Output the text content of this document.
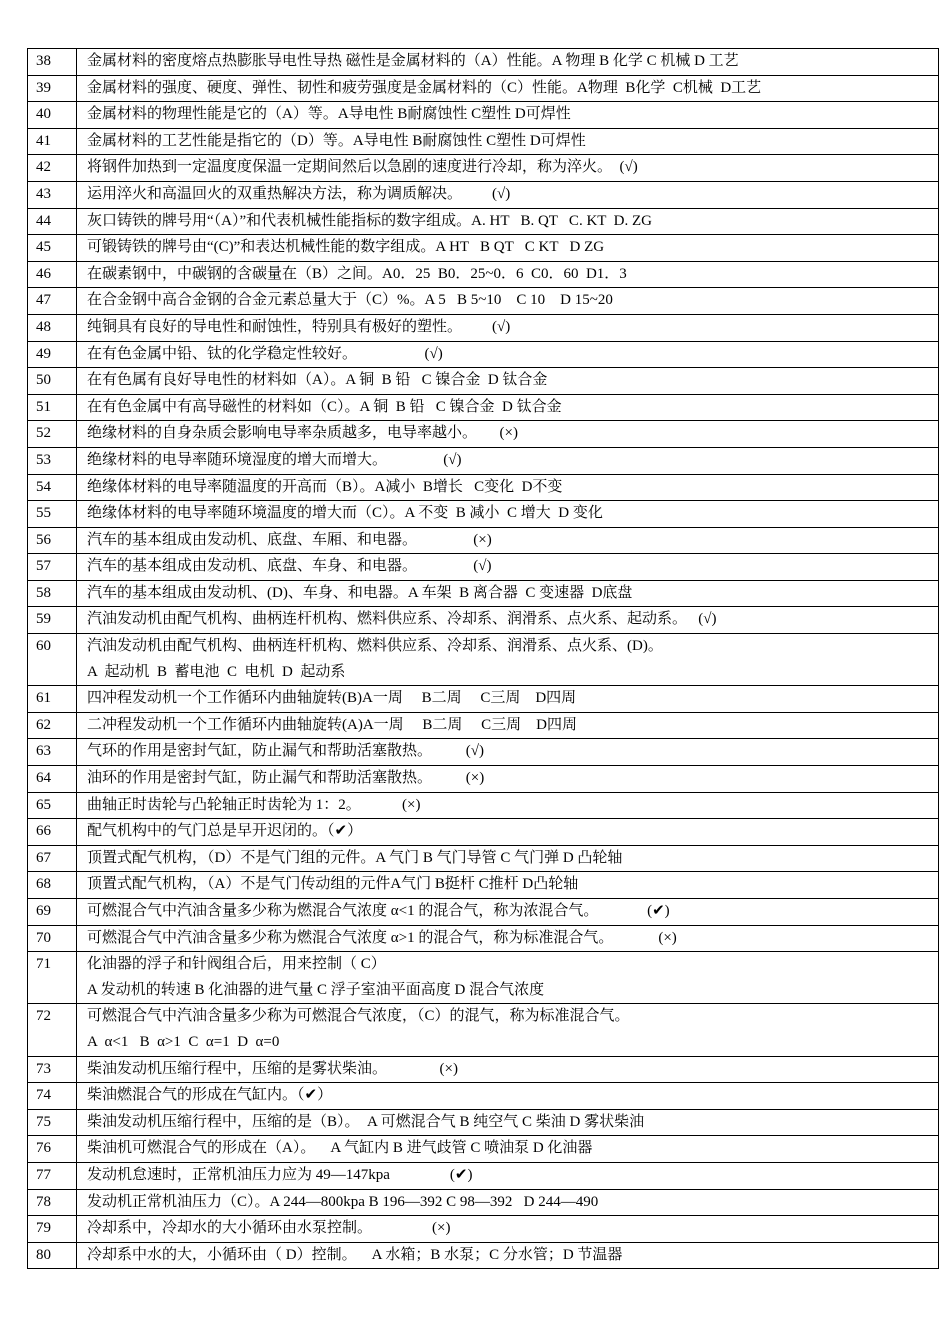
38	金属材料的密度熔点热膨胀导电性导热 磁性是金属材料的（A）性能。A 物理 B 化学 C 机械 D 工艺

39	金属材料的强度、硬度、弹性、韧性和疲劳强度是金属材料的（C）性能。A物理  B化学  C机械  D工艺

40	金属材料的物理性能是它的（A）等。A导电性 B耐腐蚀性 C塑性 D可焊性

41	金属材料的工艺性能是指它的（D）等。A导电性 B耐腐蚀性 C塑性 D可焊性

42	将钢件加热到一定温度度保温一定期间然后以急剧的速度进行冷却，称为淬火。  (√)

43	运用淬火和高温回火的双重热解决方法，称为调质解决。        (√)

44	灰口铸铁的牌号用“（A）”和代表机械性能指标的数字组成。A. HT   B. QT   C. KT  D. ZG

45	可锻铸铁的牌号由“(C)”和表达机械性能的数字组成。A HT   B QT   C KT   D ZG

46	在碳素钢中，中碳钢的含碳量在（B）之间。A0．25  B0．25~0．6  C0．60  D1．3

47	在合金钢中高合金钢的合金元素总量大于（C）%。A 5   B 5~10    C 10    D 15~20

48	纯铜具有良好的导电性和耐蚀性，特别具有极好的塑性。        (√)

49	在有色金属中铅、钛的化学稳定性较好。                  (√)

50	在有色属有良好导电性的材料如（A）。A 铜  B 铅   C 镍合金  D 钛合金

51	在有色金属中有高导磁性的材料如（C）。A 铜  B 铅   C 镍合金  D 钛合金

52	绝缘材料的自身杂质会影响电导率杂质越多，电导率越小。      (×)

53	绝缘材料的电导率随环境湿度的增大而增大。               (√)

54	绝缘体材料的电导率随温度的开高而（B）。A减小  B增长   C变化  D不变

55	绝缘体材料的电导率随环境温度的增大而（C）。A 不变  B 减小  C 增大  D 变化

56	汽车的基本组成由发动机、底盘、车厢、和电器。               (×)

57	汽车的基本组成由发动机、底盘、车身、和电器。               (√)

58	汽车的基本组成由发动机、(D)、车身、和电器。A 车架  B 离合器  C 变速器  D底盘

59	汽油发动机由配气机构、曲柄连杆机构、燃料供应系、冷却系、润滑系、点火系、起动系。   (√)

60	汽油发动机由配气机构、曲柄连杆机构、燃料供应系、冷却系、润滑系、点火系、(D)。
A  起动机  B  蓄电池  C  电机  D  起动系

61	四冲程发动机一个工作循环内曲轴旋转(B)A一周     B二周     C三周    D四周

62	二冲程发动机一个工作循环内曲轴旋转(A)A一周     B二周     C三周    D四周

63	气环的作用是密封气缸，防止漏气和帮助活塞散热。         (√)

64	油环的作用是密封气缸，防止漏气和帮助活塞散热。         (×)

65	曲轴正时齿轮与凸轮轴正时齿轮为 1：2。           (×)

66	配气机构中的气门总是早开迟闭的。（✔）

67	顶置式配气机构，（D）不是气门组的元件。A 气门 B 气门导管 C 气门弹 D 凸轮轴

68	顶置式配气机构，（A）不是气门传动组的元件A气门 B挺杆 C推杆 D凸轮轴

69	可燃混合气中汽油含量多少称为燃混合气浓度 α<1 的混合气，称为浓混合气。             (✔)

70	可燃混合气中汽油含量多少称为燃混合气浓度 α>1 的混合气，称为标准混合气。            (×)

71	化油器的浮子和针阀组合后，用来控制（ C）
A 发动机的转速 B 化油器的进气量 C 浮子室油平面高度 D 混合气浓度

72	可燃混合气中汽油含量多少称为可燃混合气浓度，（C）的混气，称为标准混合气。
A  α<1   B  α>1  C  α=1  D  α=0

73	柴油发动机压缩行程中，压缩的是雾状柴油。              (×)

74	柴油燃混合气的形成在气缸内。（✔）

75	柴油发动机压缩行程中，压缩的是（B）。  A 可燃混合气 B 纯空气 C 柴油 D 雾状柴油

76	柴油机可燃混合气的形成在（A）。    A 气缸内 B 进气歧管 C 喷油泵 D 化油器

77	发动机怠速时，正常机油压力应为 49—147kpa                (✔)

78	发动机正常机油压力（C）。A 244—800kpa B 196—392 C 98—392   D 244—490

79	冷却系中，冷却水的大小循环由水泵控制。                (×)

80	冷却系中水的大，小循环由（ D）控制。    A 水箱；B 水泵；C 分水管；D 节温器
